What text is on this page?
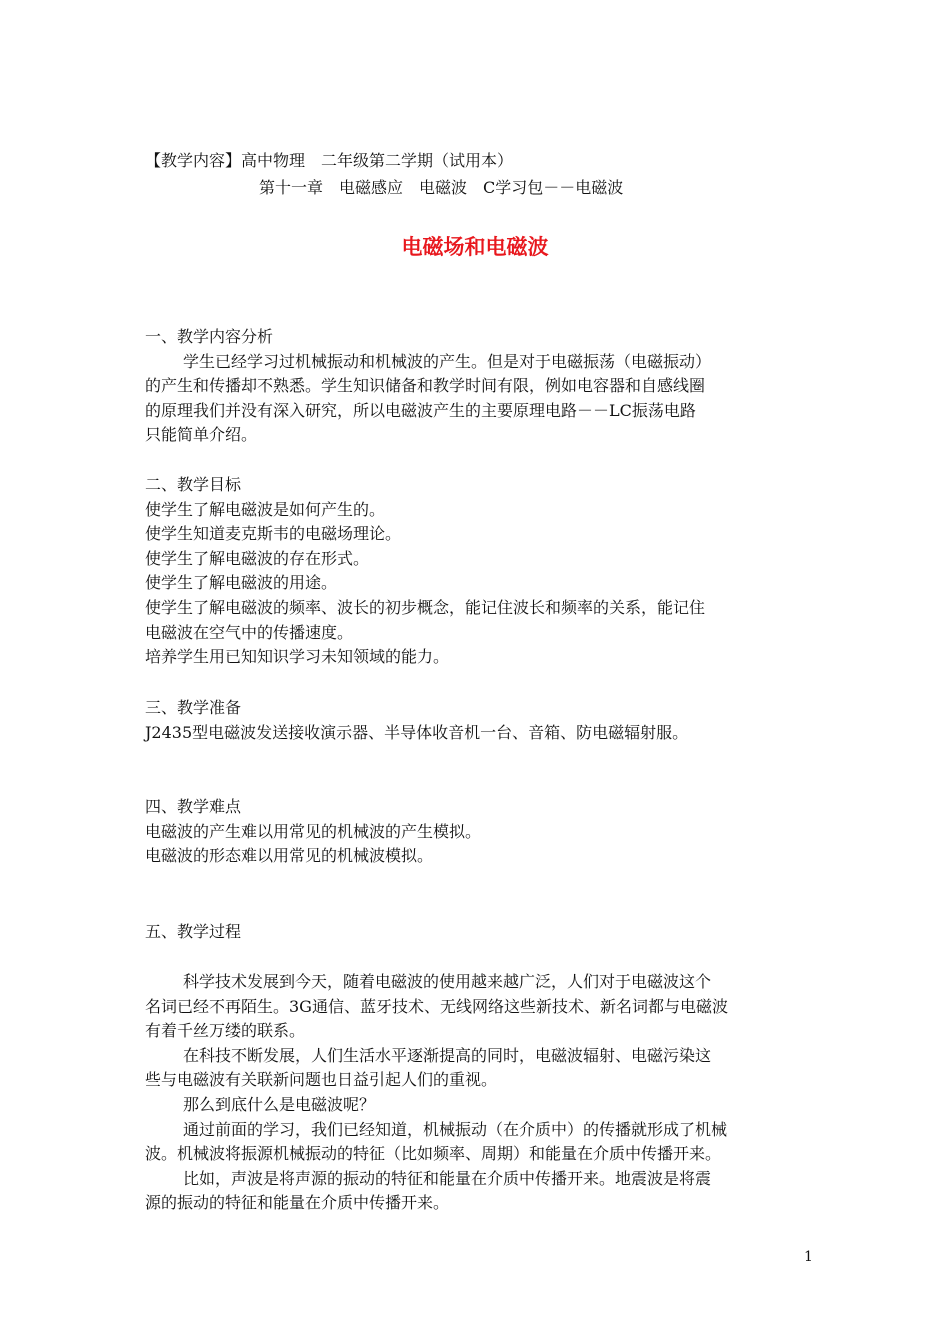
【教学内容】高中物理　二年级第二学期（试用本）
第十一章　电磁感应　电磁波　C学习包－－电磁波
电磁场和电磁波
一、教学内容分析
学生已经学习过机械振动和机械波的产生。但是对于电磁振荡（电磁振动）
的产生和传播却不熟悉。学生知识储备和教学时间有限，例如电容器和自感线圈
的原理我们并没有深入研究，所以电磁波产生的主要原理电路－－LC振荡电路
只能简单介绍。
二、教学目标
使学生了解电磁波是如何产生的。
使学生知道麦克斯韦的电磁场理论。
使学生了解电磁波的存在形式。
使学生了解电磁波的用途。
使学生了解电磁波的频率、波长的初步概念，能记住波长和频率的关系，能记住
电磁波在空气中的传播速度。
培养学生用已知知识学习未知领域的能力。
三、教学准备
J2435型电磁波发送接收演示器、半导体收音机一台、音箱、防电磁辐射服。
四、教学难点
电磁波的产生难以用常见的机械波的产生模拟。
电磁波的形态难以用常见的机械波模拟。
五、教学过程
科学技术发展到今天，随着电磁波的使用越来越广泛，人们对于电磁波这个
名词已经不再陌生。3G通信、蓝牙技术、无线网络这些新技术、新名词都与电磁波
有着千丝万缕的联系。
在科技不断发展，人们生活水平逐渐提高的同时，电磁波辐射、电磁污染这
些与电磁波有关联新问题也日益引起人们的重视。
那么到底什么是电磁波呢？
通过前面的学习，我们已经知道，机械振动（在介质中）的传播就形成了机械
波。机械波将振源机械振动的特征（比如频率、周期）和能量在介质中传播开来。
比如，声波是将声源的振动的特征和能量在介质中传播开来。地震波是将震
源的振动的特征和能量在介质中传播开来。
1
